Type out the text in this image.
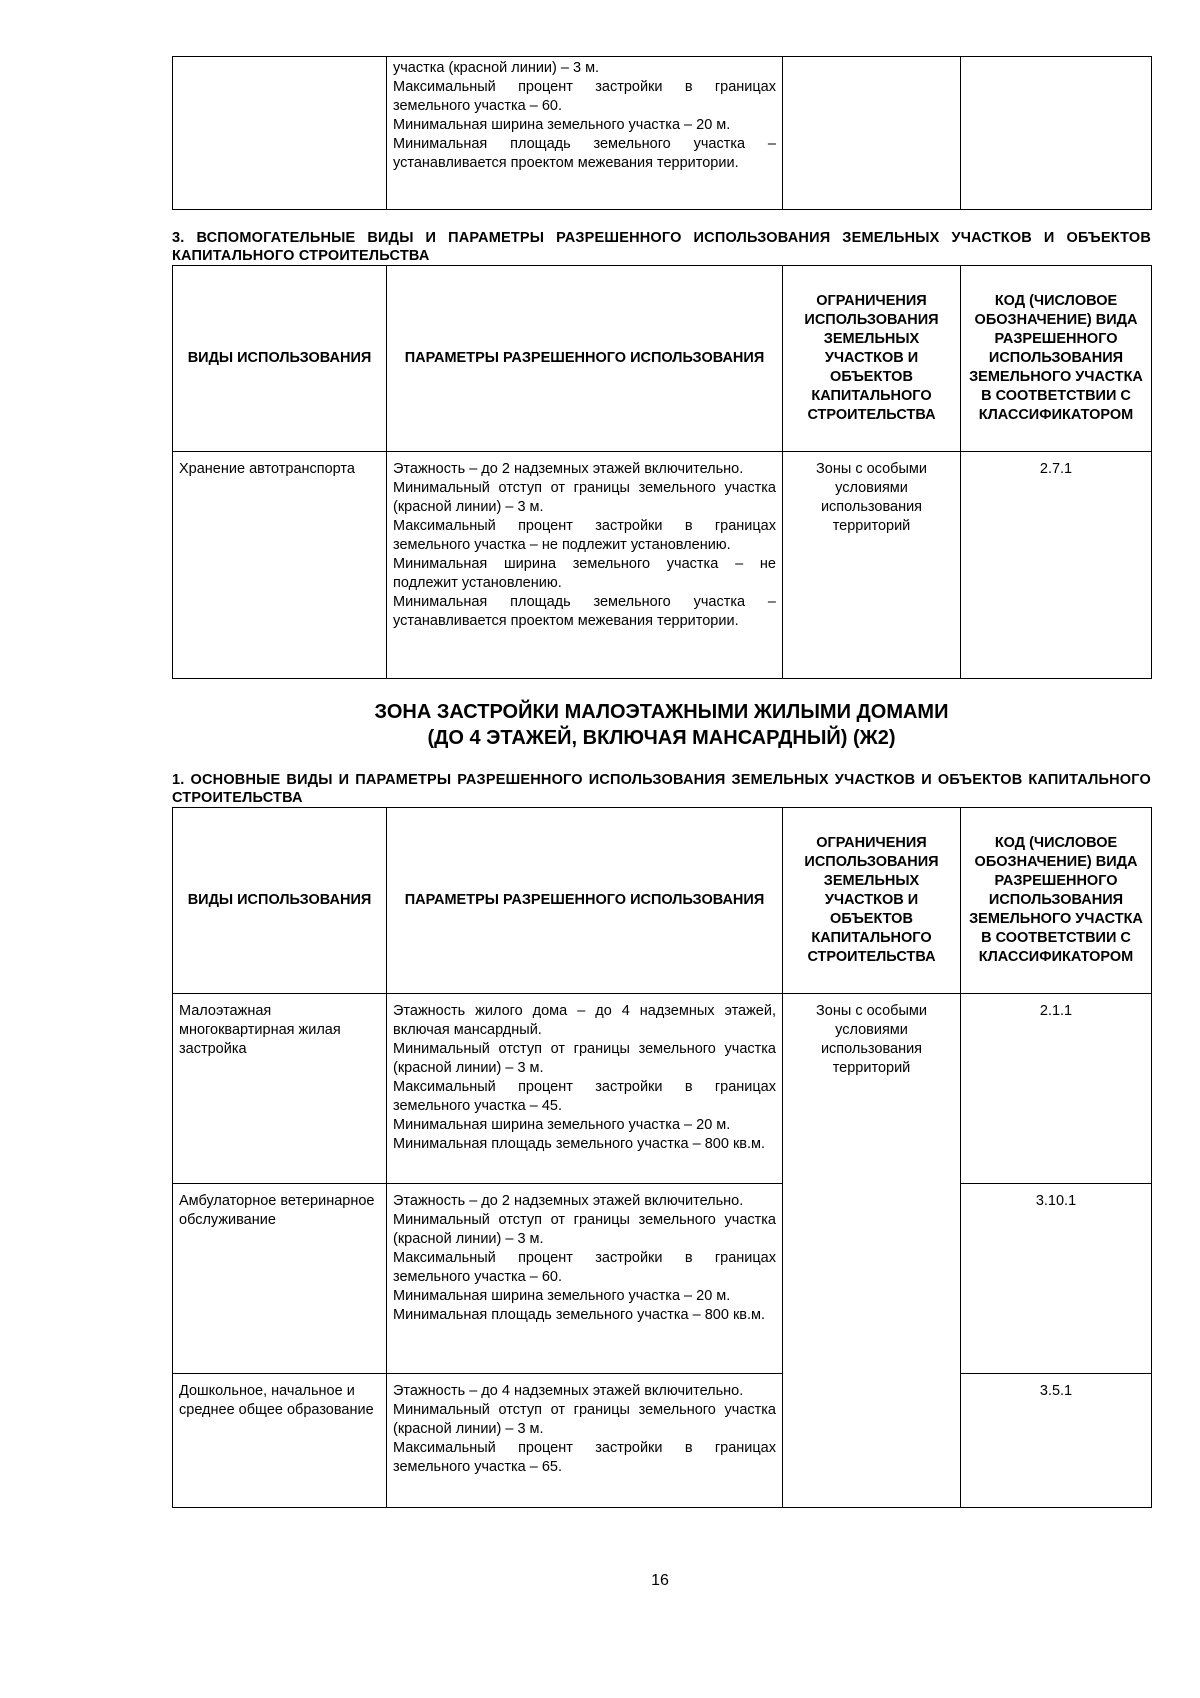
участка (красной линии) – 3 м.
Максимальный процент застройки в границах земельного участка – 60.
Минимальная ширина земельного участка – 20 м.
Минимальная площадь земельного участка – устанавливается проектом межевания территории.

3. ВСПОМОГАТЕЛЬНЫЕ ВИДЫ И ПАРАМЕТРЫ РАЗРЕШЕННОГО ИСПОЛЬЗОВАНИЯ ЗЕМЕЛЬНЫХ УЧАСТКОВ И ОБЪЕКТОВ КАПИТАЛЬНОГО СТРОИТЕЛЬСТВА

ВИДЫ ИСПОЛЬЗОВАНИЯ	ПАРАМЕТРЫ РАЗРЕШЕННОГО ИСПОЛЬЗОВАНИЯ	ОГРАНИЧЕНИЯ ИСПОЛЬЗОВАНИЯ ЗЕМЕЛЬНЫХ УЧАСТКОВ И ОБЪЕКТОВ КАПИТАЛЬНОГО СТРОИТЕЛЬСТВА	КОД (ЧИСЛОВОЕ ОБОЗНАЧЕНИЕ) ВИДА РАЗРЕШЕННОГО ИСПОЛЬЗОВАНИЯ ЗЕМЕЛЬНОГО УЧАСТКА В СООТВЕТСТВИИ С КЛАССИФИКАТОРОМ
Хранение автотранспорта	Этажность – до 2 надземных этажей включительно.
Минимальный отступ от границы земельного участка (красной линии) – 3 м.
Максимальный процент застройки в границах земельного участка – не подлежит установлению.
Минимальная ширина земельного участка – не подлежит установлению.
Минимальная площадь земельного участка – устанавливается проектом межевания территории.	Зоны с особыми условиями использования территорий	2.7.1

ЗОНА ЗАСТРОЙКИ МАЛОЭТАЖНЫМИ ЖИЛЫМИ ДОМАМИ

(ДО 4 ЭТАЖЕЙ, ВКЛЮЧАЯ МАНСАРДНЫЙ) (Ж2)

1. ОСНОВНЫЕ ВИДЫ И ПАРАМЕТРЫ РАЗРЕШЕННОГО ИСПОЛЬЗОВАНИЯ ЗЕМЕЛЬНЫХ УЧАСТКОВ И ОБЪЕКТОВ КАПИТАЛЬНОГО СТРОИТЕЛЬСТВА

ВИДЫ ИСПОЛЬЗОВАНИЯ	ПАРАМЕТРЫ РАЗРЕШЕННОГО ИСПОЛЬЗОВАНИЯ	ОГРАНИЧЕНИЯ ИСПОЛЬЗОВАНИЯ ЗЕМЕЛЬНЫХ УЧАСТКОВ И ОБЪЕКТОВ КАПИТАЛЬНОГО СТРОИТЕЛЬСТВА	КОД (ЧИСЛОВОЕ ОБОЗНАЧЕНИЕ) ВИДА РАЗРЕШЕННОГО ИСПОЛЬЗОВАНИЯ ЗЕМЕЛЬНОГО УЧАСТКА В СООТВЕТСТВИИ С КЛАССИФИКАТОРОМ
Малоэтажная многоквартирная жилая застройка	Этажность жилого дома – до 4 надземных этажей, включая мансардный.
Минимальный отступ от границы земельного участка (красной линии) – 3 м.
Максимальный процент застройки в границах земельного участка – 45.
Минимальная ширина земельного участка – 20 м.
Минимальная площадь земельного участка – 800 кв.м.	Зоны с особыми условиями использования территорий	2.1.1
Амбулаторное ветеринарное обслуживание	Этажность – до 2 надземных этажей включительно.
Минимальный отступ от границы земельного участка (красной линии) – 3 м.
Максимальный процент застройки в границах земельного участка – 60.
Минимальная ширина земельного участка – 20 м.
Минимальная площадь земельного участка – 800 кв.м.		3.10.1
Дошкольное, начальное и среднее общее образование	Этажность – до 4 надземных этажей включительно.
Минимальный отступ от границы земельного участка (красной линии) – 3 м.
Максимальный процент застройки в границах земельного участка – 65.		3.5.1
16
